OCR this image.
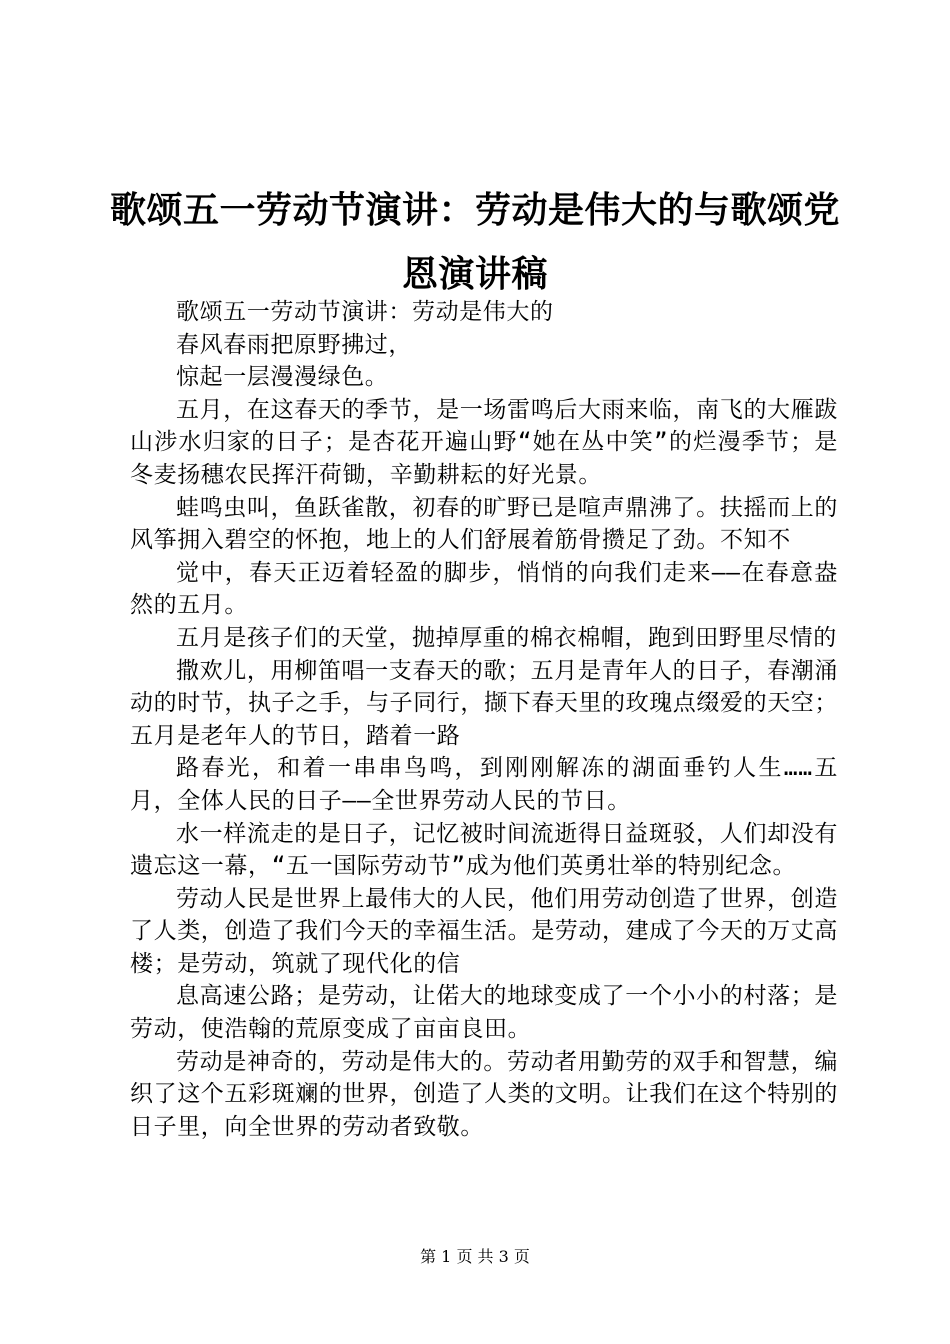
歌颂五一劳动节演讲：劳动是伟大的与歌颂党恩演讲稿

歌颂五一劳动节演讲：劳动是伟大的

春风春雨把原野拂过，

惊起一层漫漫绿色。

五月，在这春天的季节，是一场雷鸣后大雨来临，南飞的大雁跋山涉水归家的日子；是杏花开遍山野“她在丛中笑”的烂漫季节；是冬麦扬穗农民挥汗荷锄，辛勤耕耘的好光景。

蛙鸣虫叫，鱼跃雀散，初春的旷野已是喧声鼎沸了。扶摇而上的风筝拥入碧空的怀抱，地上的人们舒展着筋骨攒足了劲。不知不

觉中，春天正迈着轻盈的脚步，悄悄的向我们走来——在春意盎然的五月。

五月是孩子们的天堂，抛掉厚重的棉衣棉帽，跑到田野里尽情的

撒欢儿，用柳笛唱一支春天的歌；五月是青年人的日子，春潮涌动的时节，执子之手，与子同行，撷下春天里的玫瑰点缀爱的天空；五月是老年人的节日，踏着一路

路春光，和着一串串鸟鸣，到刚刚解冻的湖面垂钓人生……五月，全体人民的日子——全世界劳动人民的节日。

水一样流走的是日子，记忆被时间流逝得日益斑驳，人们却没有遗忘这一幕，“五一国际劳动节”成为他们英勇壮举的特别纪念。

劳动人民是世界上最伟大的人民，他们用劳动创造了世界，创造了人类，创造了我们今天的幸福生活。是劳动，建成了今天的万丈高楼；是劳动，筑就了现代化的信

息高速公路；是劳动，让偌大的地球变成了一个小小的村落；是劳动，使浩翰的荒原变成了亩亩良田。

劳动是神奇的，劳动是伟大的。劳动者用勤劳的双手和智慧，编织了这个五彩斑斓的世界，创造了人类的文明。让我们在这个特别的日子里，向全世界的劳动者致敬。

第 1 页 共 3 页
